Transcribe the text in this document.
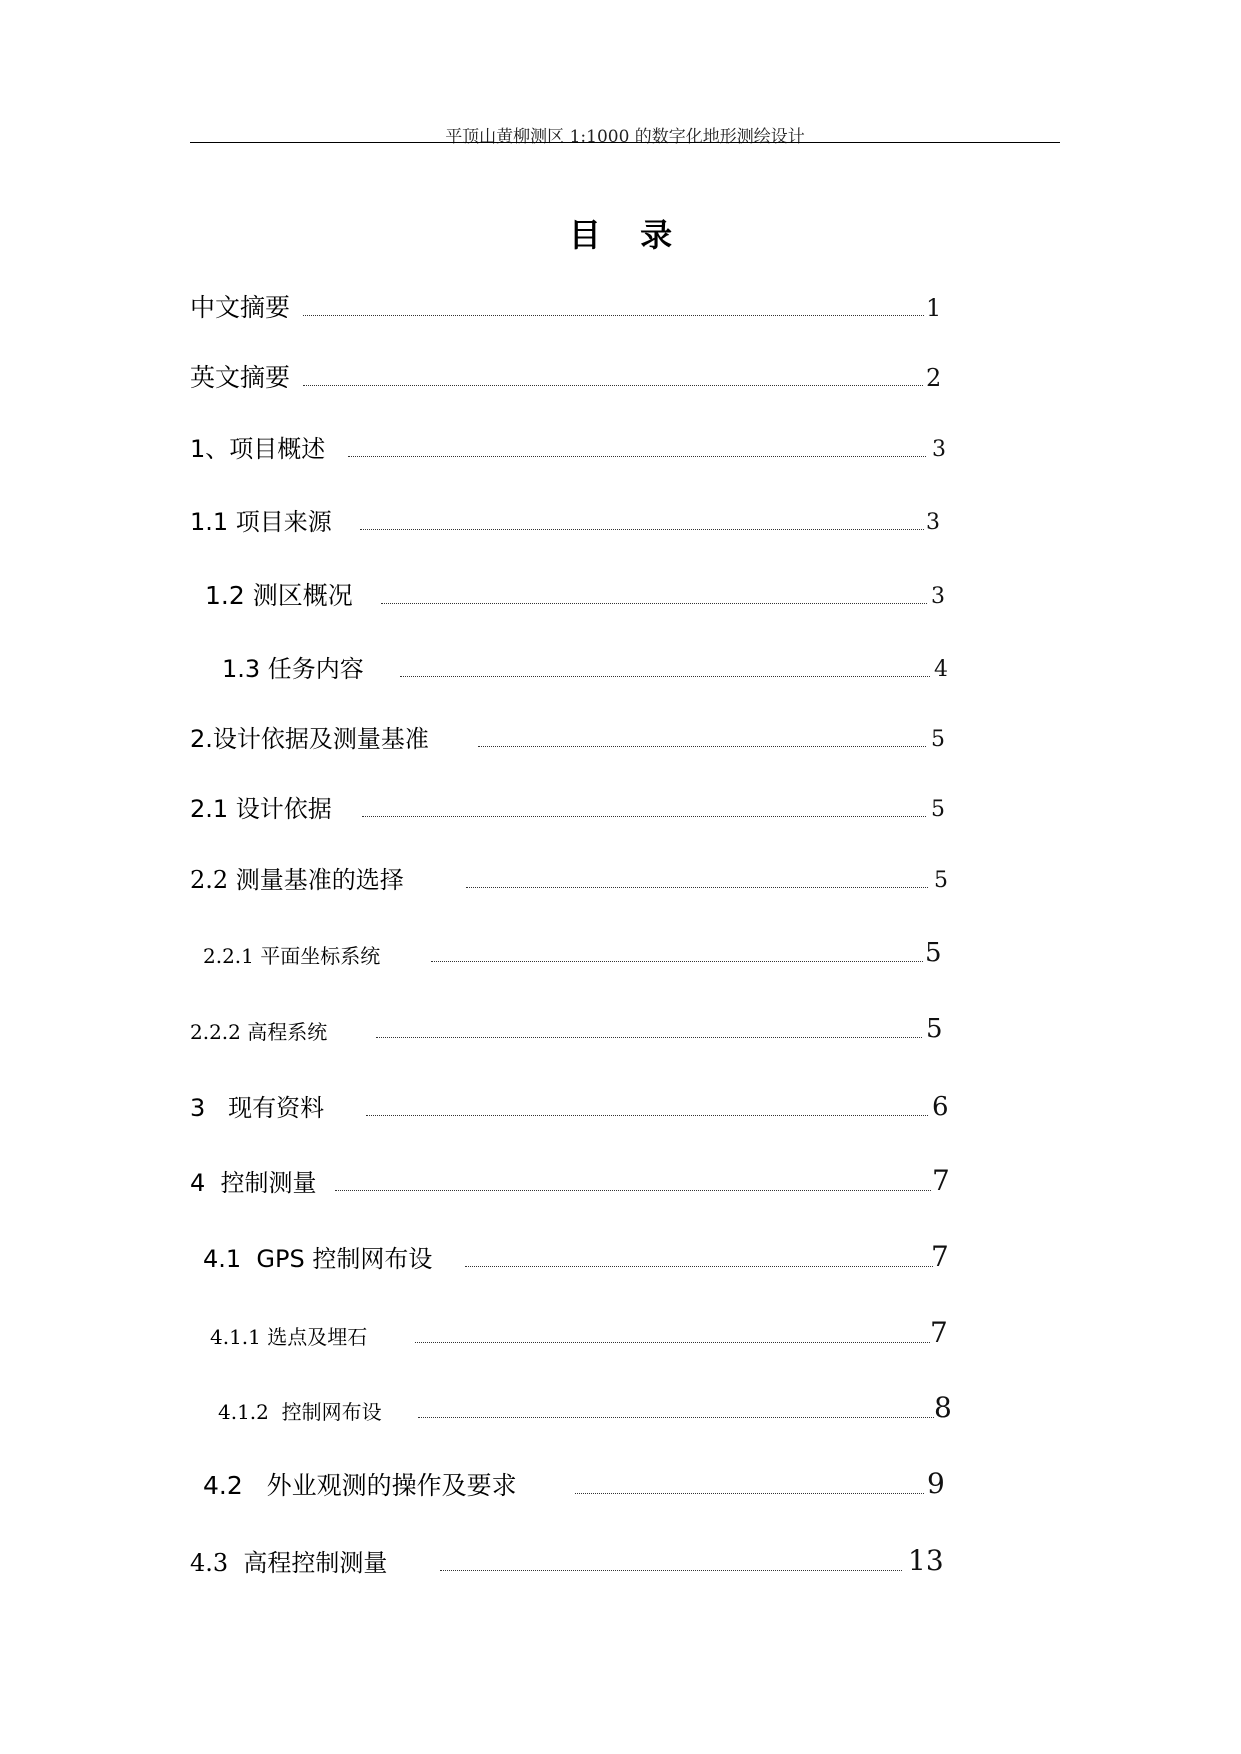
平顶山黄柳测区 1:1000 的数字化地形测绘设计
目 录
中文摘要	1
英文摘要	2
1、项目概述	3
1.1 项目来源	3
1.2 测区概况	3
1.3 任务内容	4
2.设计依据及测量基准	5
2.1 设计依据	5
2.2 测量基准的选择	5
2.2.1 平面坐标系统	5
2.2.2 高程系统	5
3   现有资料	6
4  控制测量	7
4.1  GPS 控制网布设	7
4.1.1 选点及埋石	7
4.1.2  控制网布设	8
4.2   外业观测的操作及要求	9
4.3  高程控制测量	13
